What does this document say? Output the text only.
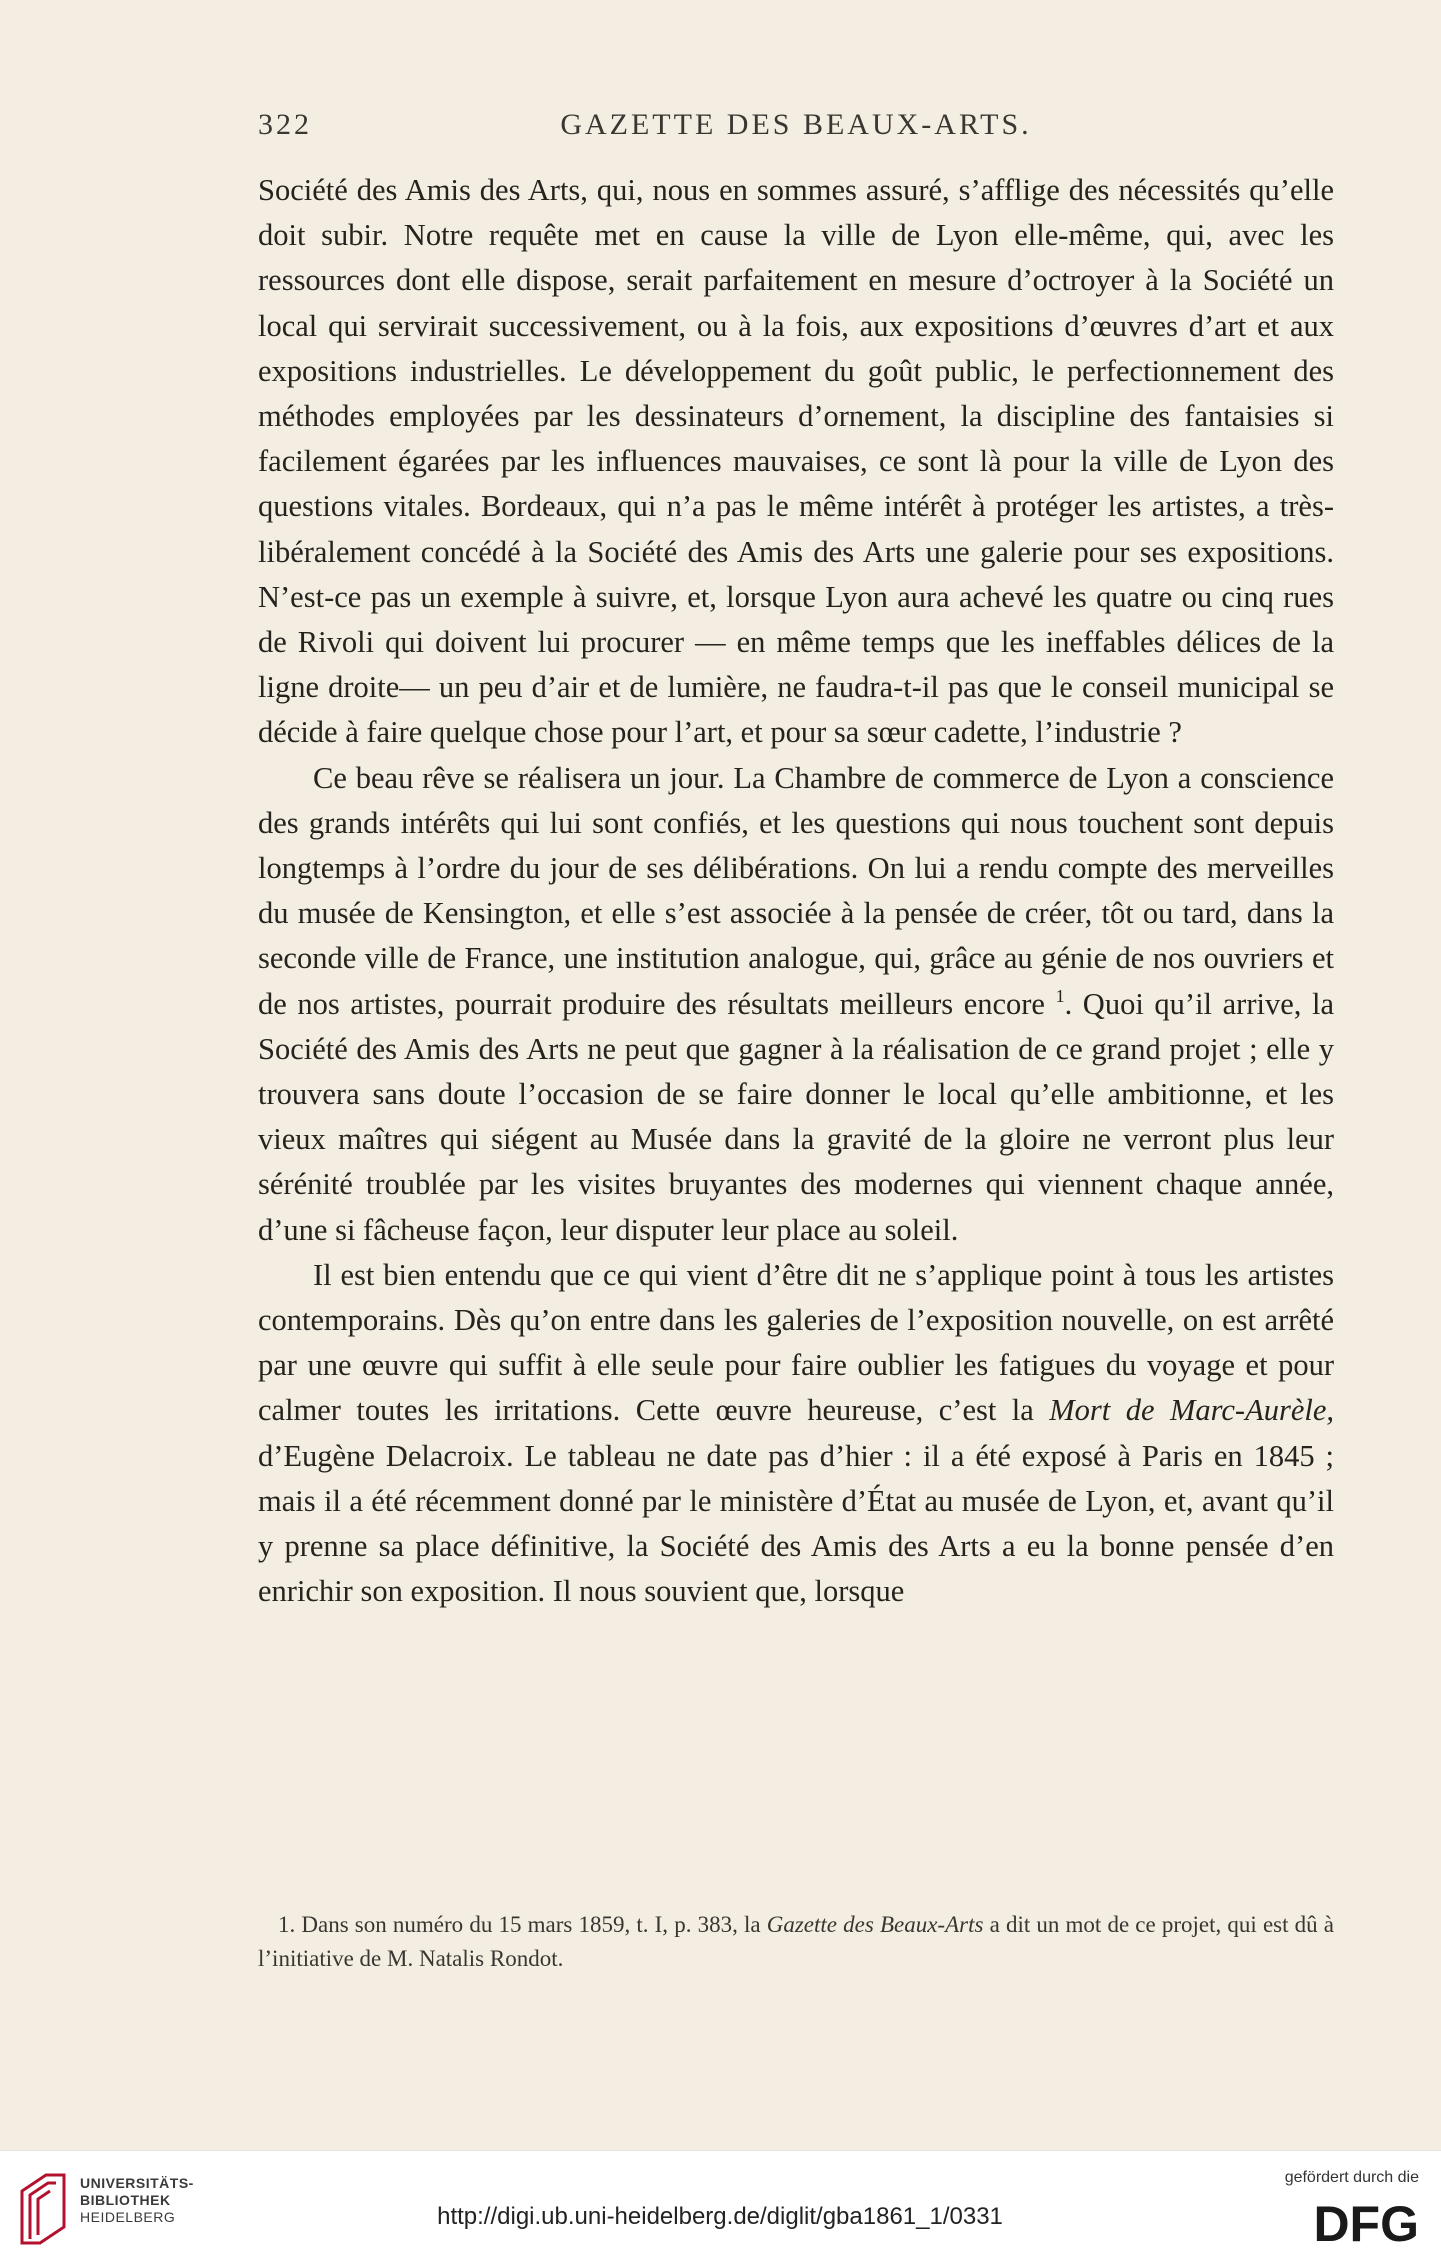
322	GAZETTE DES BEAUX-ARTS.

Société des Amis des Arts, qui, nous en sommes assuré, s’afflige des nécessités qu’elle doit subir. Notre requête met en cause la ville de Lyon elle-même, qui, avec les ressources dont elle dispose, serait parfaitement en mesure d’octroyer à la Société un local qui servirait successivement, ou à la fois, aux expositions d’œuvres d’art et aux expositions industrielles. Le développement du goût public, le perfectionnement des méthodes employées par les dessinateurs d’ornement, la discipline des fantaisies si facilement égarées par les influences mauvaises, ce sont là pour la ville de Lyon des questions vitales. Bordeaux, qui n’a pas le même intérêt à protéger les artistes, a très-libéralement concédé à la Société des Amis des Arts une galerie pour ses expositions. N’est-ce pas un exemple à suivre, et, lorsque Lyon aura achevé les quatre ou cinq rues de Rivoli qui doivent lui procurer — en même temps que les ineffables délices de la ligne droite— un peu d’air et de lumière, ne faudra-t-il pas que le conseil municipal se décide à faire quelque chose pour l’art, et pour sa sœur cadette, l’industrie ?

Ce beau rêve se réalisera un jour. La Chambre de commerce de Lyon a conscience des grands intérêts qui lui sont confiés, et les questions qui nous touchent sont depuis longtemps à l’ordre du jour de ses délibérations. On lui a rendu compte des merveilles du musée de Kensington, et elle s’est associée à la pensée de créer, tôt ou tard, dans la seconde ville de France, une institution analogue, qui, grâce au génie de nos ouvriers et de nos artistes, pourrait produire des résultats meilleurs encore $^1$. Quoi qu’il arrive, la Société des Amis des Arts ne peut que gagner à la réalisation de ce grand projet ; elle y trouvera sans doute l’occasion de se faire donner le local qu’elle ambitionne, et les vieux maîtres qui siégent au Musée dans la gravité de la gloire ne verront plus leur sérénité troublée par les visites bruyantes des modernes qui viennent chaque année, d’une si fâcheuse façon, leur disputer leur place au soleil.

Il est bien entendu que ce qui vient d’être dit ne s’applique point à tous les artistes contemporains. Dès qu’on entre dans les galeries de l’exposition nouvelle, on est arrêté par une œuvre qui suffit à elle seule pour faire oublier les fatigues du voyage et pour calmer toutes les irritations. Cette œuvre heureuse, c’est la Mort de Marc-Aurèle, d’Eugène Delacroix. Le tableau ne date pas d’hier : il a été exposé à Paris en 1845 ; mais il a été récemment donné par le ministère d’État au musée de Lyon, et, avant qu’il y prenne sa place définitive, la Société des Amis des Arts a eu la bonne pensée d’en enrichir son exposition. Il nous souvient que, lorsque

1. Dans son numéro du 15 mars 1859, t. I, p. 383, la Gazette des Beaux-Arts a dit un mot de ce projet, qui est dû à l’initiative de M. Natalis Rondot.

UNIVERSITÄTS-
BIBLIOTHEK
HEIDELBERG	http://digi.ub.uni-heidelberg.de/diglit/gba1861_1/0331
gefördert durch die
DFG
